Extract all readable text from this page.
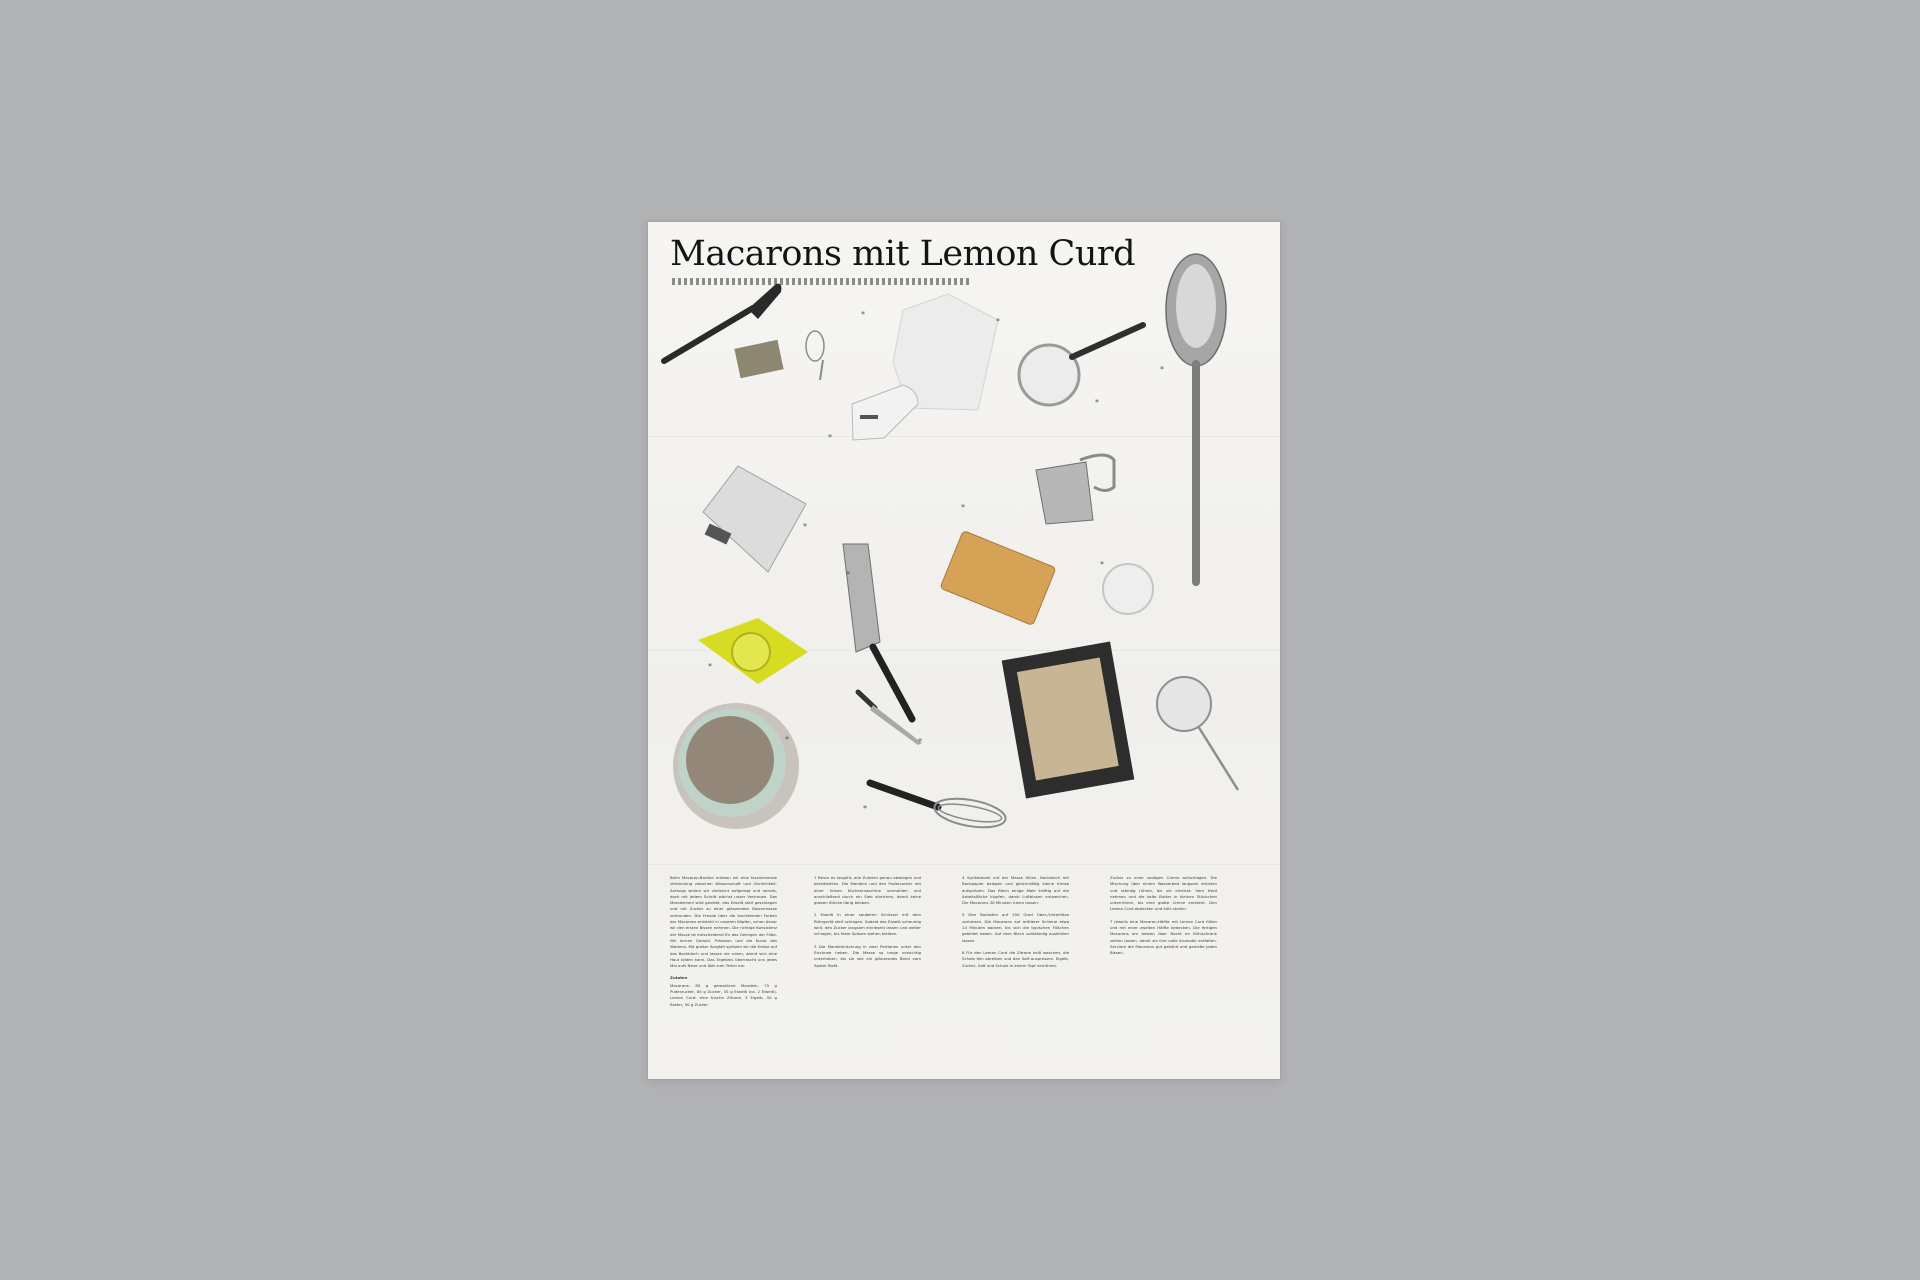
Macarons mit Lemon Curd
*
*
*
*
*
*
*
*
*
*
*
*
*

Beim Macaron-Backen erleben wir eine faszinierende Verbindung zwischen Wissenschaft und Sinnlichkeit. Anfangs wirken wir vielleicht aufgeregt und nervös, doch mit jedem Schritt wächst unser Vertrauen. Das Mandelmehl wird gesiebt, das Eiweiß steif geschlagen und mit Zucker zu einer glänzenden Baisermasse verbunden. Die Freude über die leuchtenden Farben der Macarons entsteht in unseren Köpfen, schon bevor wir den ersten Bissen nehmen. Die richtige Konsistenz der Masse ist entscheidend für das Gelingen der Füße. Wir lernen Geduld, Präzision und die Kunst des Wartens. Mit großer Sorgfalt spritzen wir die Kreise auf das Backblech und lassen sie ruhen, damit sich eine Haut bilden kann. Das Ergebnis überrascht uns jedes Mal aufs Neue und lädt zum Teilen ein.

Zutaten

Macarons: 85 g gemahlene Mandeln, 75 g Puderzucker, 65 g Zucker, 55 g Eiweiß (ca. 2 Eiweiß). Lemon Curd: eine frische Zitrone, 3 Eigelb, 50 g Butter, 50 g Zucker

1 Bevor es losgeht, alle Zutaten genau abwiegen und bereitstellen. Die Mandeln und den Puderzucker mit einer feinen Küchenmaschine vermahlen und anschließend durch ein Sieb streichen, damit keine groben Stücke übrig bleiben.

2 Eiweiß in einer sauberen Schüssel mit dem Rührgerät steif schlagen. Sobald das Eiweiß schaumig wird, den Zucker langsam einrieseln lassen und weiter schlagen, bis feste Spitzen stehen bleiben.

3 Die Mandelmischung in zwei Portionen unter den Eischnee heben. Die Masse so lange vorsichtig unterheben, bis sie wie ein glänzendes Band vom Spatel fließt.

4 Spritzbeutel mit der Masse füllen. Backblech mit Backpapier belegen und gleichmäßig kleine Kreise aufspritzen. Das Blech einige Male kräftig auf die Arbeitsfläche klopfen, damit Luftblasen entweichen. Die Macarons 30 Minuten ruhen lassen.

5 Den Backofen auf 150 Grad Ober-/Unterhitze vorheizen. Die Macarons auf mittlerer Schiene etwa 14 Minuten backen, bis sich die typischen Füßchen gebildet haben. Auf dem Blech vollständig auskühlen lassen.

6 Für den Lemon Curd die Zitrone heiß waschen, die Schale fein abreiben und den Saft auspressen. Eigelb, Zucker, Saft und Schale in einem Topf verrühren.

Zucker zu einer seidigen Creme aufschlagen. Die Mischung über einem Wasserbad langsam erhitzen und ständig rühren, bis sie eindickt. Vom Herd nehmen und die kalte Butter in kleinen Stückchen unterrühren, bis eine glatte Creme entsteht. Den Lemon Curd abdecken und kühl stellen.

7 Jeweils eine Macaron-Hälfte mit Lemon Curd füllen und mit einer zweiten Hälfte bedecken. Die fertigen Macarons am besten über Nacht im Kühlschrank ziehen lassen, damit sie ihre volle Aromatik entfalten. Serviere die Macarons gut gekühlt und genieße jeden Bissen.
